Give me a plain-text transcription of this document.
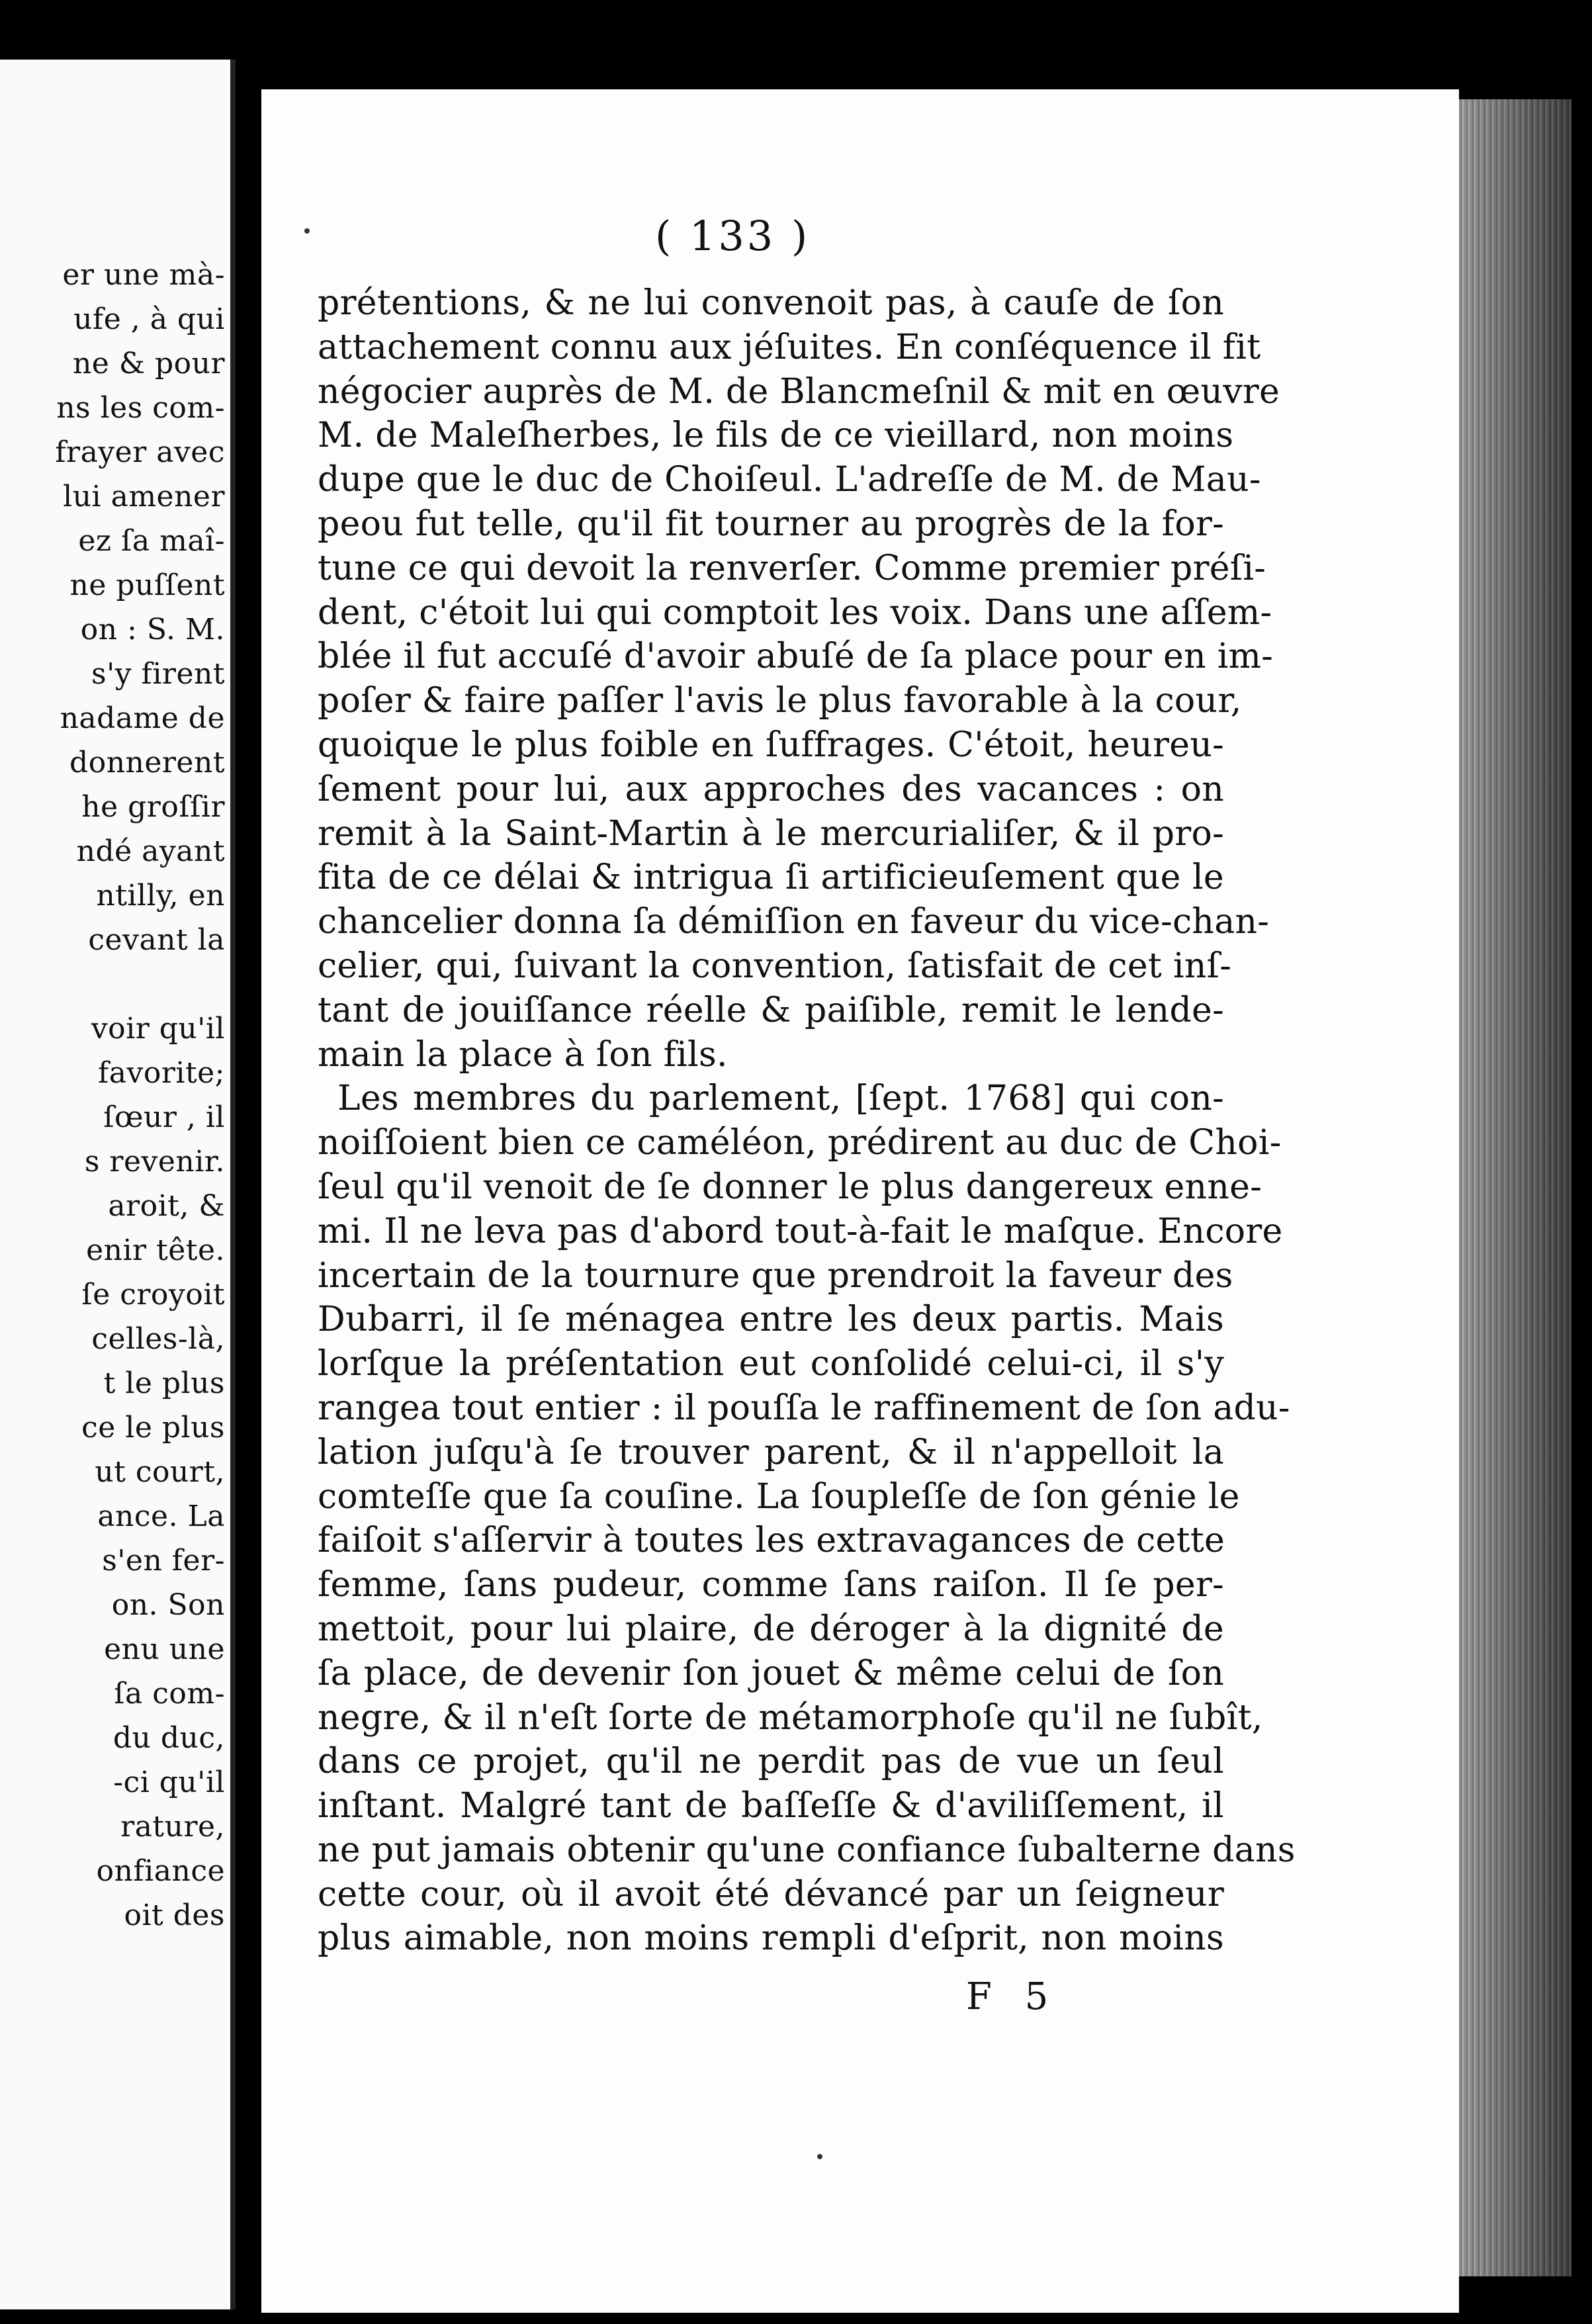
er une mà-
ufe , à qui
ne & pour
ns les com-
frayer avec
lui amener
ez ſa maî-
ne puſſent
on : S. M.
s'y firent
nadame de
donnerent
he groſſir
ndé ayant
ntilly, en
cevant la
voir qu'il
favorite;
ſœur , il
s revenir.
aroit, &
enir tête.
ſe croyoit
celles-là,
t le plus
ce le plus
ut court,
ance. La
s'en fer-
on. Son
enu une
ſa com-
du duc,
-ci qu'il
rature,
onfiance
oit des
( 133 )
prétentions, & ne lui convenoit pas, à cauſe de ſon
attachement connu aux jéſuites. En conſéquence il fit
négocier auprès de M. de Blancmeſnil & mit en œuvre
M. de Maleſherbes, le fils de ce vieillard, non moins
dupe que le duc de Choiſeul. L'adreſſe de M. de Mau-
peou fut telle, qu'il fit tourner au progrès de la for-
tune ce qui devoit la renverſer. Comme premier préſi-
dent, c'étoit lui qui comptoit les voix. Dans une aſſem-
blée il fut accuſé d'avoir abuſé de ſa place pour en im-
poſer & faire paſſer l'avis le plus favorable à la cour,
quoique le plus foible en ſuffrages. C'étoit, heureu-
ſement pour lui, aux approches des vacances : on
remit à la Saint-Martin à le mercurialiſer, & il pro-
fita de ce délai & intrigua ſi artificieuſement que le
chancelier donna ſa démiſſion en faveur du vice-chan-
celier, qui, ſuivant la convention, ſatisfait de cet inſ-
tant de jouiſſance réelle & paiſible, remit le lende-
main la place à ſon fils.
Les membres du parlement, [ſept. 1768] qui con-
noiſſoient bien ce caméléon, prédirent au duc de Choi-
ſeul qu'il venoit de ſe donner le plus dangereux enne-
mi. Il ne leva pas d'abord tout-à-fait le maſque. Encore
incertain de la tournure que prendroit la faveur des
Dubarri, il ſe ménagea entre les deux partis. Mais
lorſque la préſentation eut conſolidé celui-ci, il s'y
rangea tout entier : il pouſſa le raffinement de ſon adu-
lation juſqu'à ſe trouver parent, & il n'appelloit la
comteſſe que ſa couſine. La ſoupleſſe de ſon génie le
faiſoit s'aſſervir à toutes les extravagances de cette
femme, ſans pudeur, comme ſans raiſon. Il ſe per-
mettoit, pour lui plaire, de déroger à la dignité de
ſa place, de devenir ſon jouet & même celui de ſon
negre, & il n'eſt ſorte de métamorphoſe qu'il ne ſubît,
dans ce projet, qu'il ne perdit pas de vue un ſeul
inſtant. Malgré tant de baſſeſſe & d'aviliſſement, il
ne put jamais obtenir qu'une confiance ſubalterne dans
cette cour, où il avoit été dévancé par un ſeigneur
plus aimable, non moins rempli d'eſprit, non moins
F 5
